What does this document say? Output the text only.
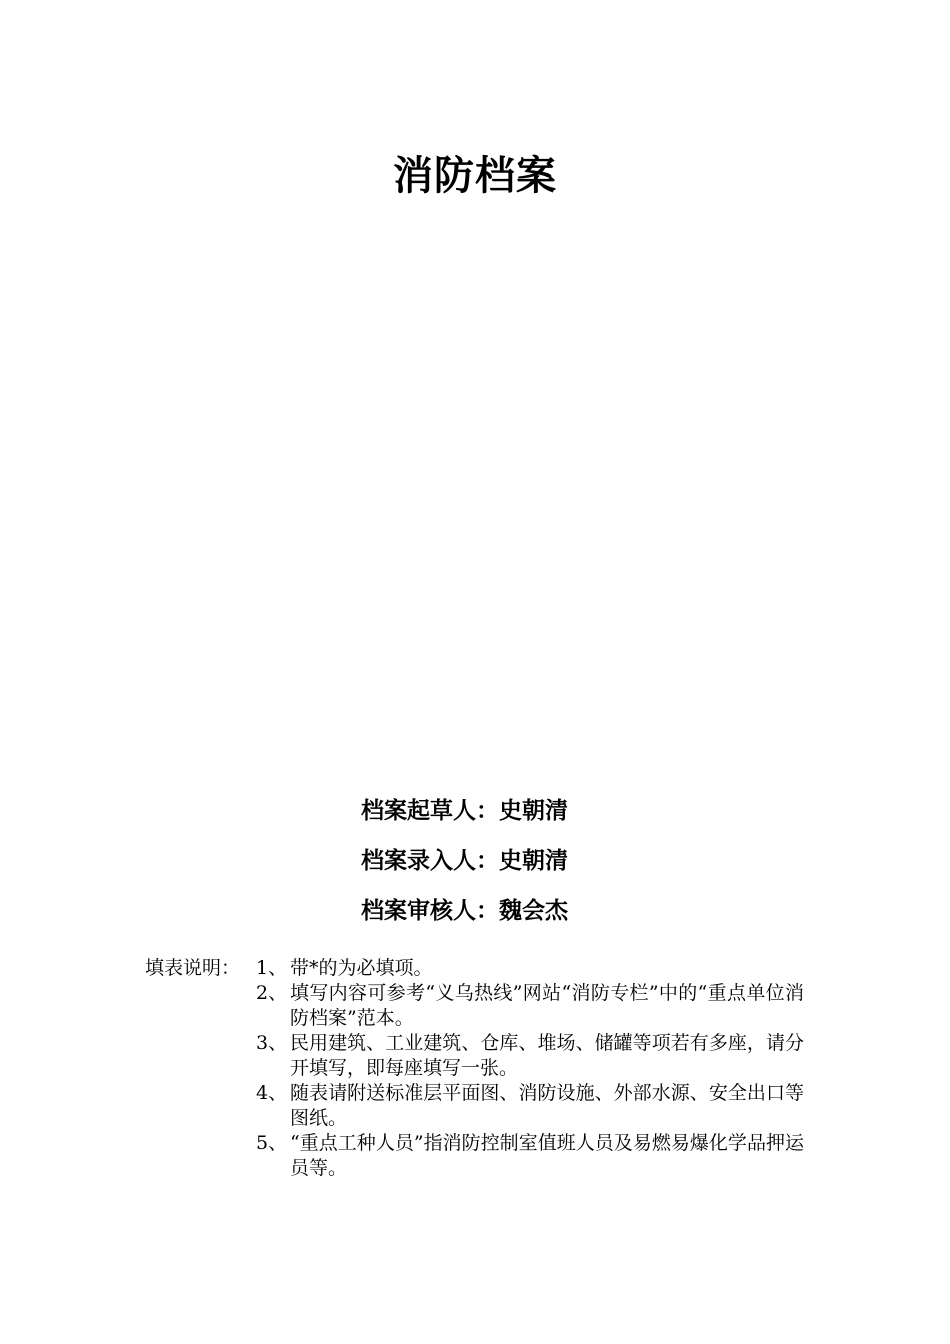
消防档案
档案起草人：史朝清
档案录入人：史朝清
档案审核人：魏会杰
填表说明： 1、 带*的为必填项。
2、 填写内容可参考“义乌热线”网站“消防专栏”中的“重点单位消防档案”范本。
3、 民用建筑、工业建筑、仓库、堆场、储罐等项若有多座，请分开填写，即每座填写一张。
4、 随表请附送标准层平面图、消防设施、外部水源、安全出口等图纸。
5、 “重点工种人员”指消防控制室值班人员及易燃易爆化学品押运员等。
